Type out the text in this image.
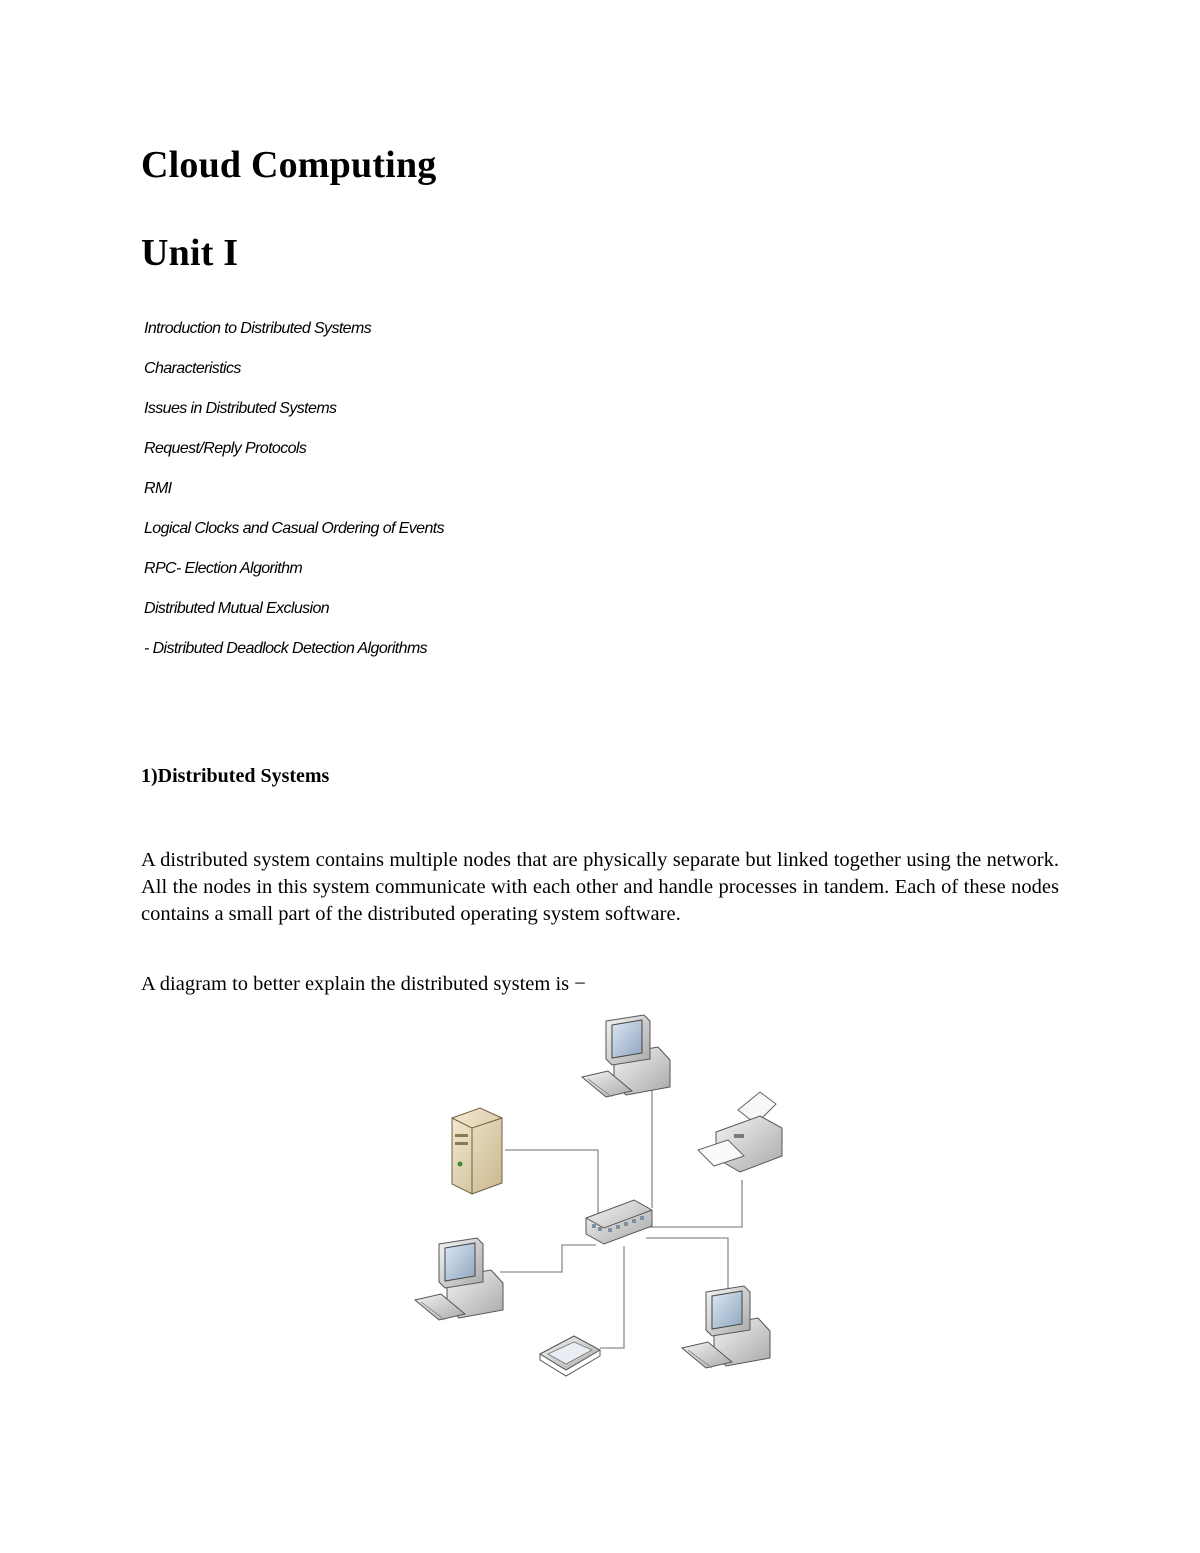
Cloud Computing
Unit I
Introduction to Distributed Systems
Characteristics
Issues in Distributed Systems
Request/Reply Protocols
RMI
Logical Clocks and Casual Ordering of Events
RPC- Election Algorithm
Distributed Mutual Exclusion
- Distributed Deadlock Detection Algorithms
1)Distributed Systems

A distributed system contains multiple nodes that are physically separate but linked together using the network. All the nodes in this system communicate with each other and handle processes in tandem. Each of these nodes contains a small part of the distributed operating system software.

A diagram to better explain the distributed system is −
